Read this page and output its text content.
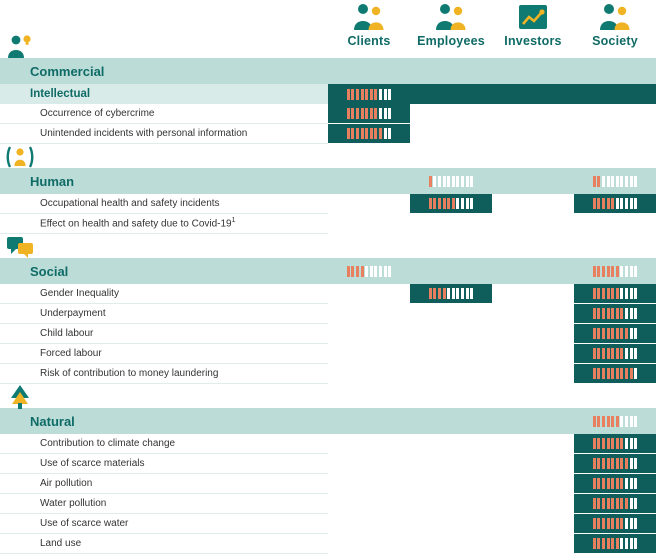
Clients	Employees	Investors	Society
Commercial
Intellectual
Occurrence of cybercrime
Unintended incidents with personal information
Human
Occupational health and safety incidents
Effect on health and safety due to Covid-$19^1$
Social
Gender Inequality
Underpayment
Child labour
Forced labour
Risk of contribution to money laundering
Natural
Contribution to climate change
Use of scarce materials
Air pollution
Water pollution
Use of scarce water
Land use
